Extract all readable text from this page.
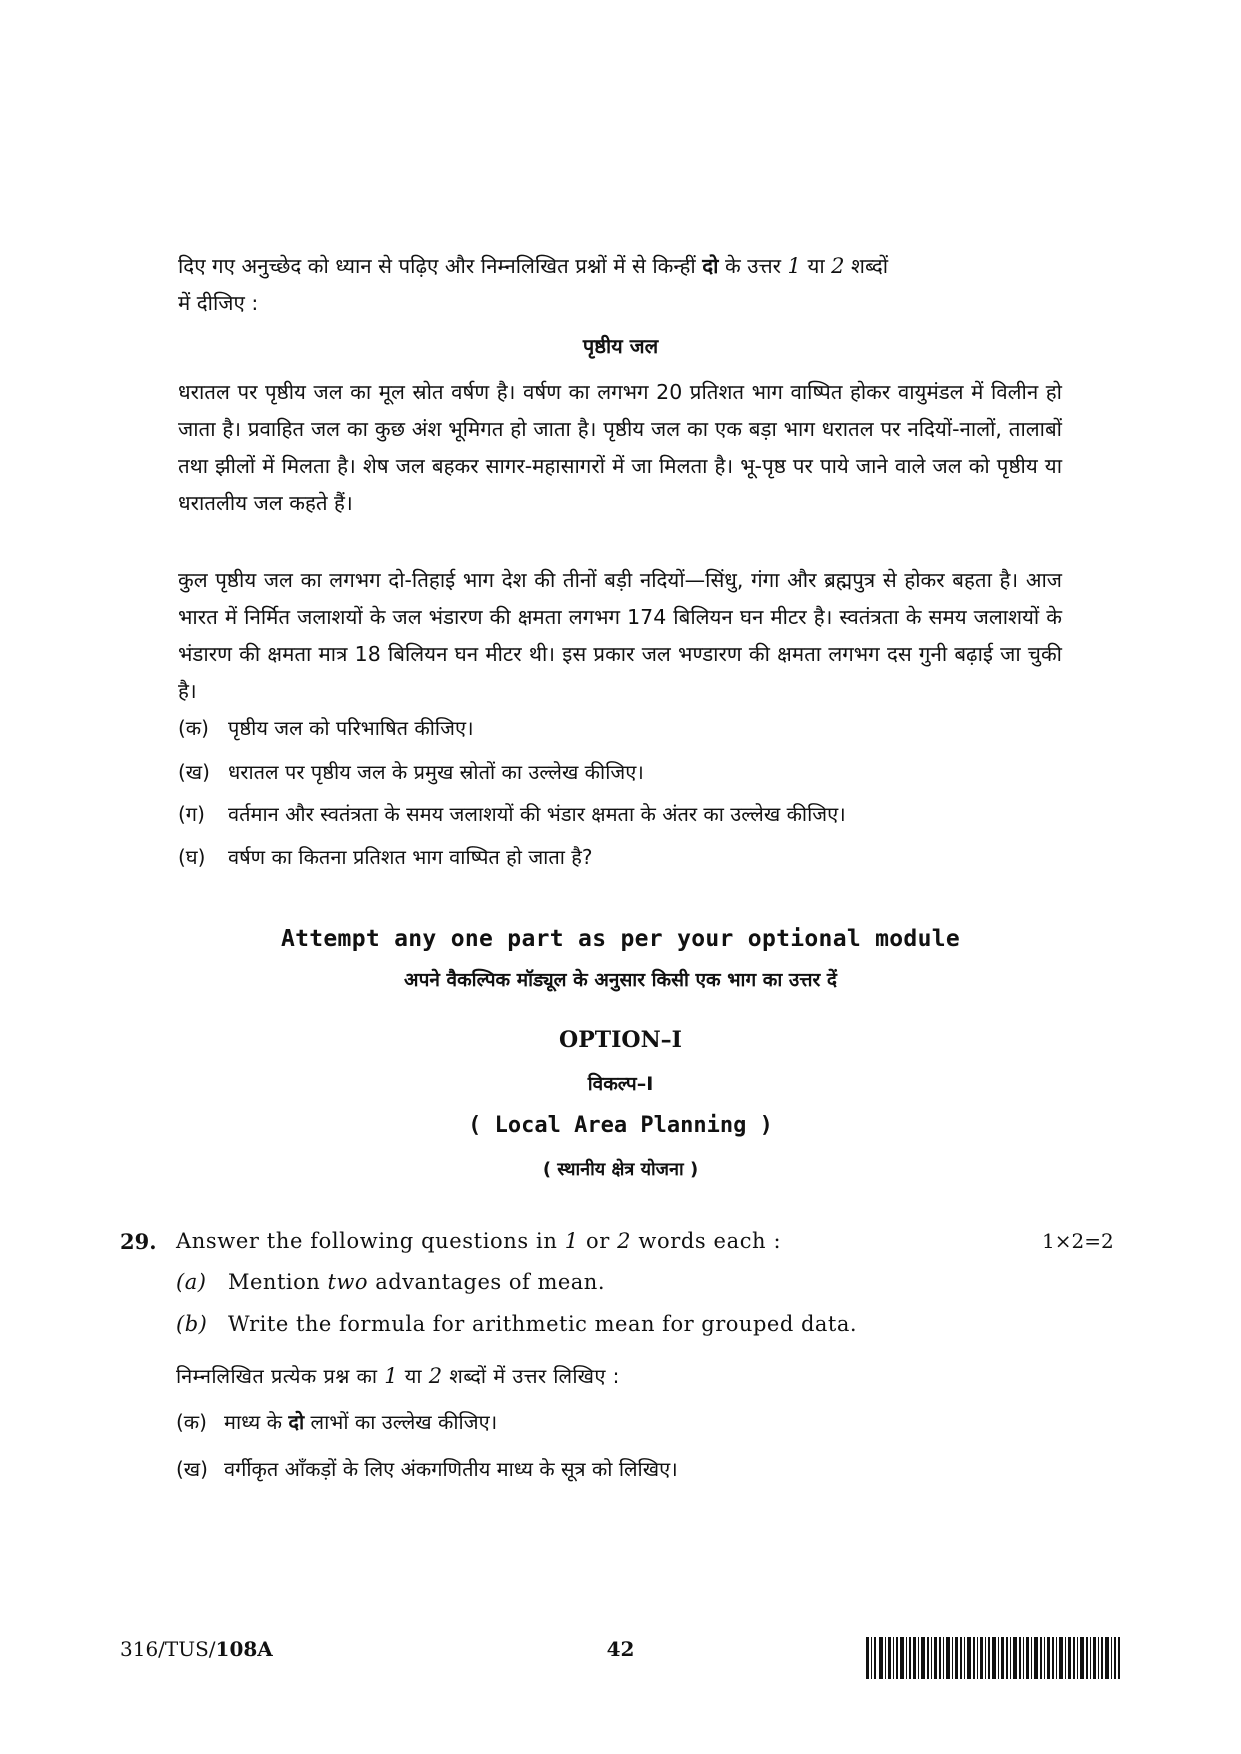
दिए गए अनुच्छेद को ध्यान से पढ़िए और निम्नलिखित प्रश्नों में से किन्हीं दो के उत्तर 1 या 2 शब्दों
में दीजिए :
पृष्ठीय जल
धरातल पर पृष्ठीय जल का मूल स्रोत वर्षण है। वर्षण का लगभग 20 प्रतिशत भाग वाष्पित होकर वायुमंडल में विलीन हो जाता है। प्रवाहित जल का कुछ अंश भूमिगत हो जाता है। पृष्ठीय जल का एक बड़ा भाग धरातल पर नदियों-नालों, तालाबों तथा झीलों में मिलता है। शेष जल बहकर सागर-महासागरों में जा मिलता है। भू-पृष्ठ पर पाये जाने वाले जल को पृष्ठीय या धरातलीय जल कहते हैं।
कुल पृष्ठीय जल का लगभग दो-तिहाई भाग देश की तीनों बड़ी नदियों—सिंधु, गंगा और ब्रह्मपुत्र से होकर बहता है। आज भारत में निर्मित जलाशयों के जल भंडारण की क्षमता लगभग 174 बिलियन घन मीटर है। स्वतंत्रता के समय जलाशयों के भंडारण की क्षमता मात्र 18 बिलियन घन मीटर थी। इस प्रकार जल भण्डारण की क्षमता लगभग दस गुनी बढ़ाई जा चुकी है।
(क) पृष्ठीय जल को परिभाषित कीजिए।
(ख) धरातल पर पृष्ठीय जल के प्रमुख स्रोतों का उल्लेख कीजिए।
(ग) वर्तमान और स्वतंत्रता के समय जलाशयों की भंडार क्षमता के अंतर का उल्लेख कीजिए।
(घ) वर्षण का कितना प्रतिशत भाग वाष्पित हो जाता है?
Attempt any one part as per your optional module
अपने वैकल्पिक मॉड्यूल के अनुसार किसी एक भाग का उत्तर दें
OPTION–I
विकल्प–I
( Local Area Planning )
( स्थानीय क्षेत्र योजना )
29. Answer the following questions in 1 or 2 words each :	1×2=2
(a) Mention two advantages of mean.
(b) Write the formula for arithmetic mean for grouped data.
निम्नलिखित प्रत्येक प्रश्न का 1 या 2 शब्दों में उत्तर लिखिए :
(क) माध्य के दो लाभों का उल्लेख कीजिए।
(ख) वर्गीकृत आँकड़ों के लिए अंकगणितीय माध्य के सूत्र को लिखिए।
316/TUS/108A	42
